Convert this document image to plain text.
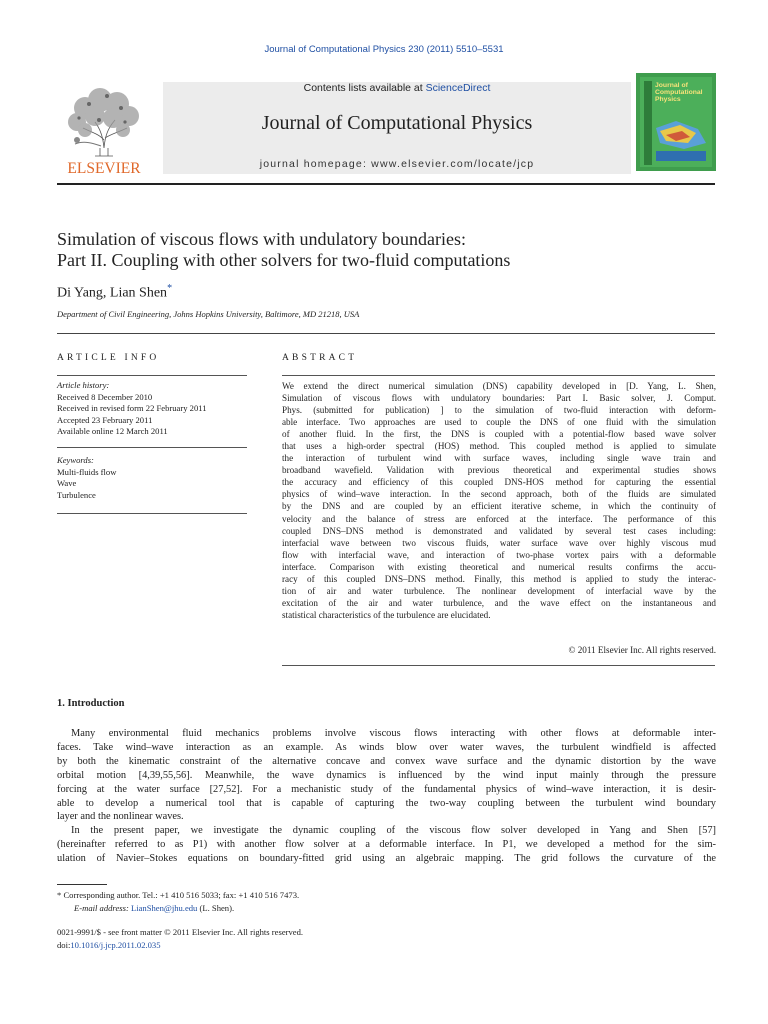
Journal of Computational Physics 230 (2011) 5510–5531
ELSEVIER
Contents lists available at ScienceDirect
Journal of Computational Physics
journal homepage: www.elsevier.com/locate/jcp
Journal of
Computational
Physics
Simulation of viscous flows with undulatory boundaries:
Part II. Coupling with other solvers for two-fluid computations
Di Yang, Lian Shen*
Department of Civil Engineering, Johns Hopkins University, Baltimore, MD 21218, USA
ARTICLE INFO	ABSTRACT
Article history:
Received 8 December 2010
Received in revised form 22 February 2011
Accepted 23 February 2011
Available online 12 March 2011
Keywords:
Multi-fluids flow
Wave
Turbulence
We extend the direct numerical simulation (DNS) capability developed in [D. Yang, L. Shen,
Simulation of viscous flows with undulatory boundaries: Part I. Basic solver, J. Comput.
Phys. (submitted for publication) ] to the simulation of two-fluid interaction with deform-
able interface. Two approaches are used to couple the DNS of one fluid with the simulation
of another fluid. In the first, the DNS is coupled with a potential-flow based wave solver
that uses a high-order spectral (HOS) method. This coupled method is applied to simulate
the interaction of turbulent wind with surface waves, including single wave train and
broadband wavefield. Validation with previous theoretical and experimental studies shows
the accuracy and efficiency of this coupled DNS-HOS method for capturing the essential
physics of wind–wave interaction. In the second approach, both of the fluids are simulated
by the DNS and are coupled by an efficient iterative scheme, in which the continuity of
velocity and the balance of stress are enforced at the interface. The performance of this
coupled DNS–DNS method is demonstrated and validated by several test cases including:
interfacial wave between two viscous fluids, water surface wave over highly viscous mud
flow with interfacial wave, and interaction of two-phase vortex pairs with a deformable
interface. Comparison with existing theoretical and numerical results confirms the accu-
racy of this coupled DNS–DNS method. Finally, this method is applied to study the interac-
tion of air and water turbulence. The nonlinear development of interfacial wave by the
excitation of the air and water turbulence, and the wave effect on the instantaneous and
statistical characteristics of the turbulence are elucidated.
© 2011 Elsevier Inc. All rights reserved.
1. Introduction
Many environmental fluid mechanics problems involve viscous flows interacting with other flows at deformable inter-
faces. Take wind–wave interaction as an example. As winds blow over water waves, the turbulent windfield is affected
by both the kinematic constraint of the alternative concave and convex wave surface and the dynamic distortion by the wave
orbital motion [4,39,55,56]. Meanwhile, the wave dynamics is influenced by the wind input mainly through the pressure
forcing at the water surface [27,52]. For a mechanistic study of the fundamental physics of wind–wave interaction, it is desir-
able to develop a numerical tool that is capable of capturing the two-way coupling between the turbulent wind boundary
layer and the nonlinear waves.
In the present paper, we investigate the dynamic coupling of the viscous flow solver developed in Yang and Shen [57]
(hereinafter referred to as P1) with another flow solver at a deformable interface. In P1, we developed a method for the sim-
ulation of Navier–Stokes equations on boundary-fitted grid using an algebraic mapping. The grid follows the curvature of the
* Corresponding author. Tel.: +1 410 516 5033; fax: +1 410 516 7473.
E-mail address: LianShen@jhu.edu (L. Shen).
0021-9991/$ - see front matter © 2011 Elsevier Inc. All rights reserved.
doi:10.1016/j.jcp.2011.02.035
